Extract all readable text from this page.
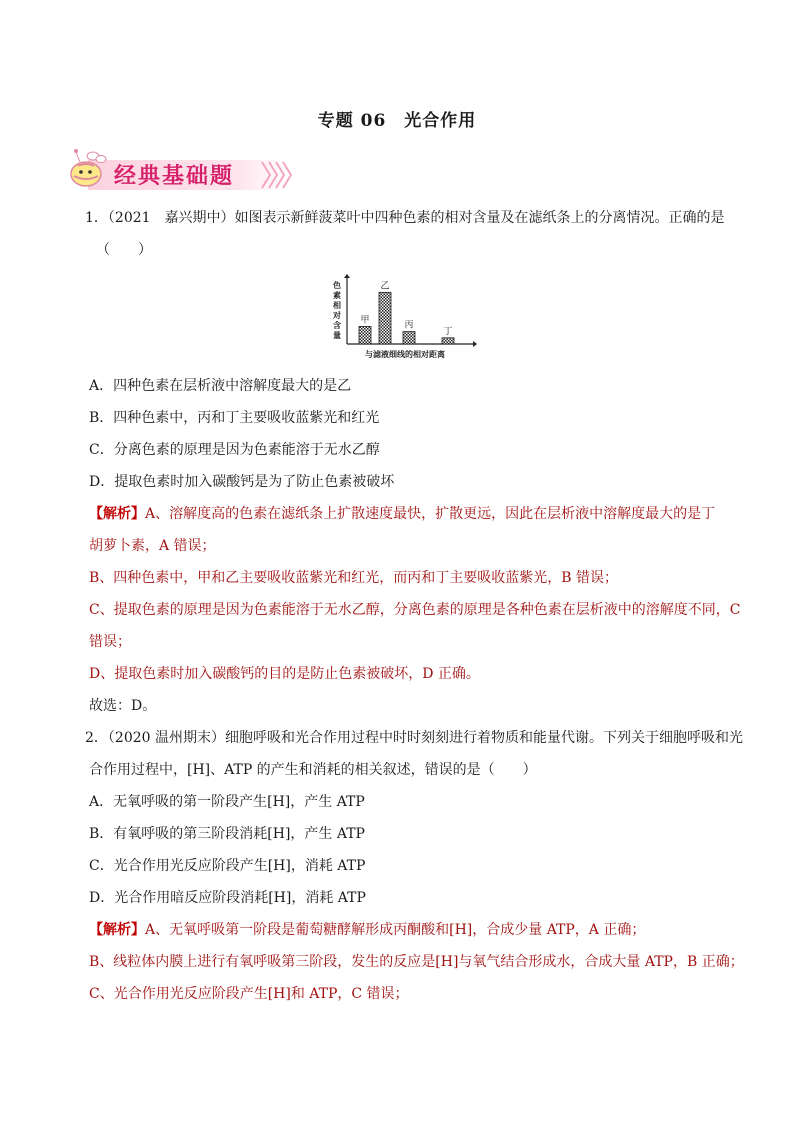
专题 06　光合作用
经典基础题
1．（2021　嘉兴期中）如图表示新鲜菠菜叶中四种色素的相对含量及在滤纸条上的分离情况。正确的是
（　　）
色素相对含量
甲
乙
丙
丁
与滤液细线的相对距离
A．四种色素在层析液中溶解度最大的是乙
B．四种色素中，丙和丁主要吸收蓝紫光和红光
C．分离色素的原理是因为色素能溶于无水乙醇
D．提取色素时加入碳酸钙是为了防止色素被破坏
【解析】A、溶解度高的色素在滤纸条上扩散速度最快，扩散更远，因此在层析液中溶解度最大的是丁
胡萝卜素，A 错误；
B、四种色素中，甲和乙主要吸收蓝紫光和红光，而丙和丁主要吸收蓝紫光，B 错误；
C、提取色素的原理是因为色素能溶于无水乙醇，分离色素的原理是各种色素在层析液中的溶解度不同，C
错误；
D、提取色素时加入碳酸钙的目的是防止色素被破坏，D 正确。
故选：D。
2．（2020 温州期末）细胞呼吸和光合作用过程中时时刻刻进行着物质和能量代谢。下列关于细胞呼吸和光
合作用过程中，[H]、ATP 的产生和消耗的相关叙述，错误的是（　　）
A．无氧呼吸的第一阶段产生[H]，产生 ATP
B．有氧呼吸的第三阶段消耗[H]，产生 ATP
C．光合作用光反应阶段产生[H]，消耗 ATP
D．光合作用暗反应阶段消耗[H]，消耗 ATP
【解析】A、无氧呼吸第一阶段是葡萄糖酵解形成丙酮酸和[H]，合成少量 ATP，A 正确；
B、线粒体内膜上进行有氧呼吸第三阶段，发生的反应是[H]与氧气结合形成水，合成大量 ATP，B 正确；
C、光合作用光反应阶段产生[H]和 ATP，C 错误；
